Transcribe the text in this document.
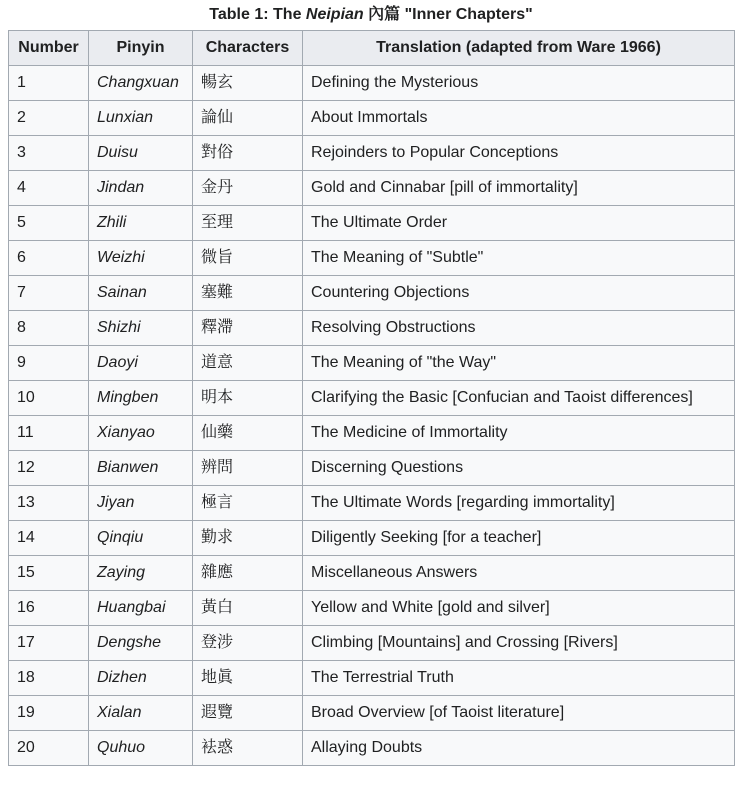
Table 1: The Neipian 內篇 "Inner Chapters"
Number	Pinyin	Characters	Translation (adapted from Ware 1966)
1	Changxuan	暢玄	Defining the Mysterious
2	Lunxian	論仙	About Immortals
3	Duisu	對俗	Rejoinders to Popular Conceptions
4	Jindan	金丹	Gold and Cinnabar [pill of immortality]
5	Zhili	至理	The Ultimate Order
6	Weizhi	微旨	The Meaning of "Subtle"
7	Sainan	塞難	Countering Objections
8	Shizhi	釋滯	Resolving Obstructions
9	Daoyi	道意	The Meaning of "the Way"
10	Mingben	明本	Clarifying the Basic [Confucian and Taoist differences]
11	Xianyao	仙藥	The Medicine of Immortality
12	Bianwen	辨問	Discerning Questions
13	Jiyan	極言	The Ultimate Words [regarding immortality]
14	Qinqiu	勤求	Diligently Seeking [for a teacher]
15	Zaying	雜應	Miscellaneous Answers
16	Huangbai	黃白	Yellow and White [gold and silver]
17	Dengshe	登涉	Climbing [Mountains] and Crossing [Rivers]
18	Dizhen	地眞	The Terrestrial Truth
19	Xialan	遐覽	Broad Overview [of Taoist literature]
20	Quhuo	袪惑	Allaying Doubts
